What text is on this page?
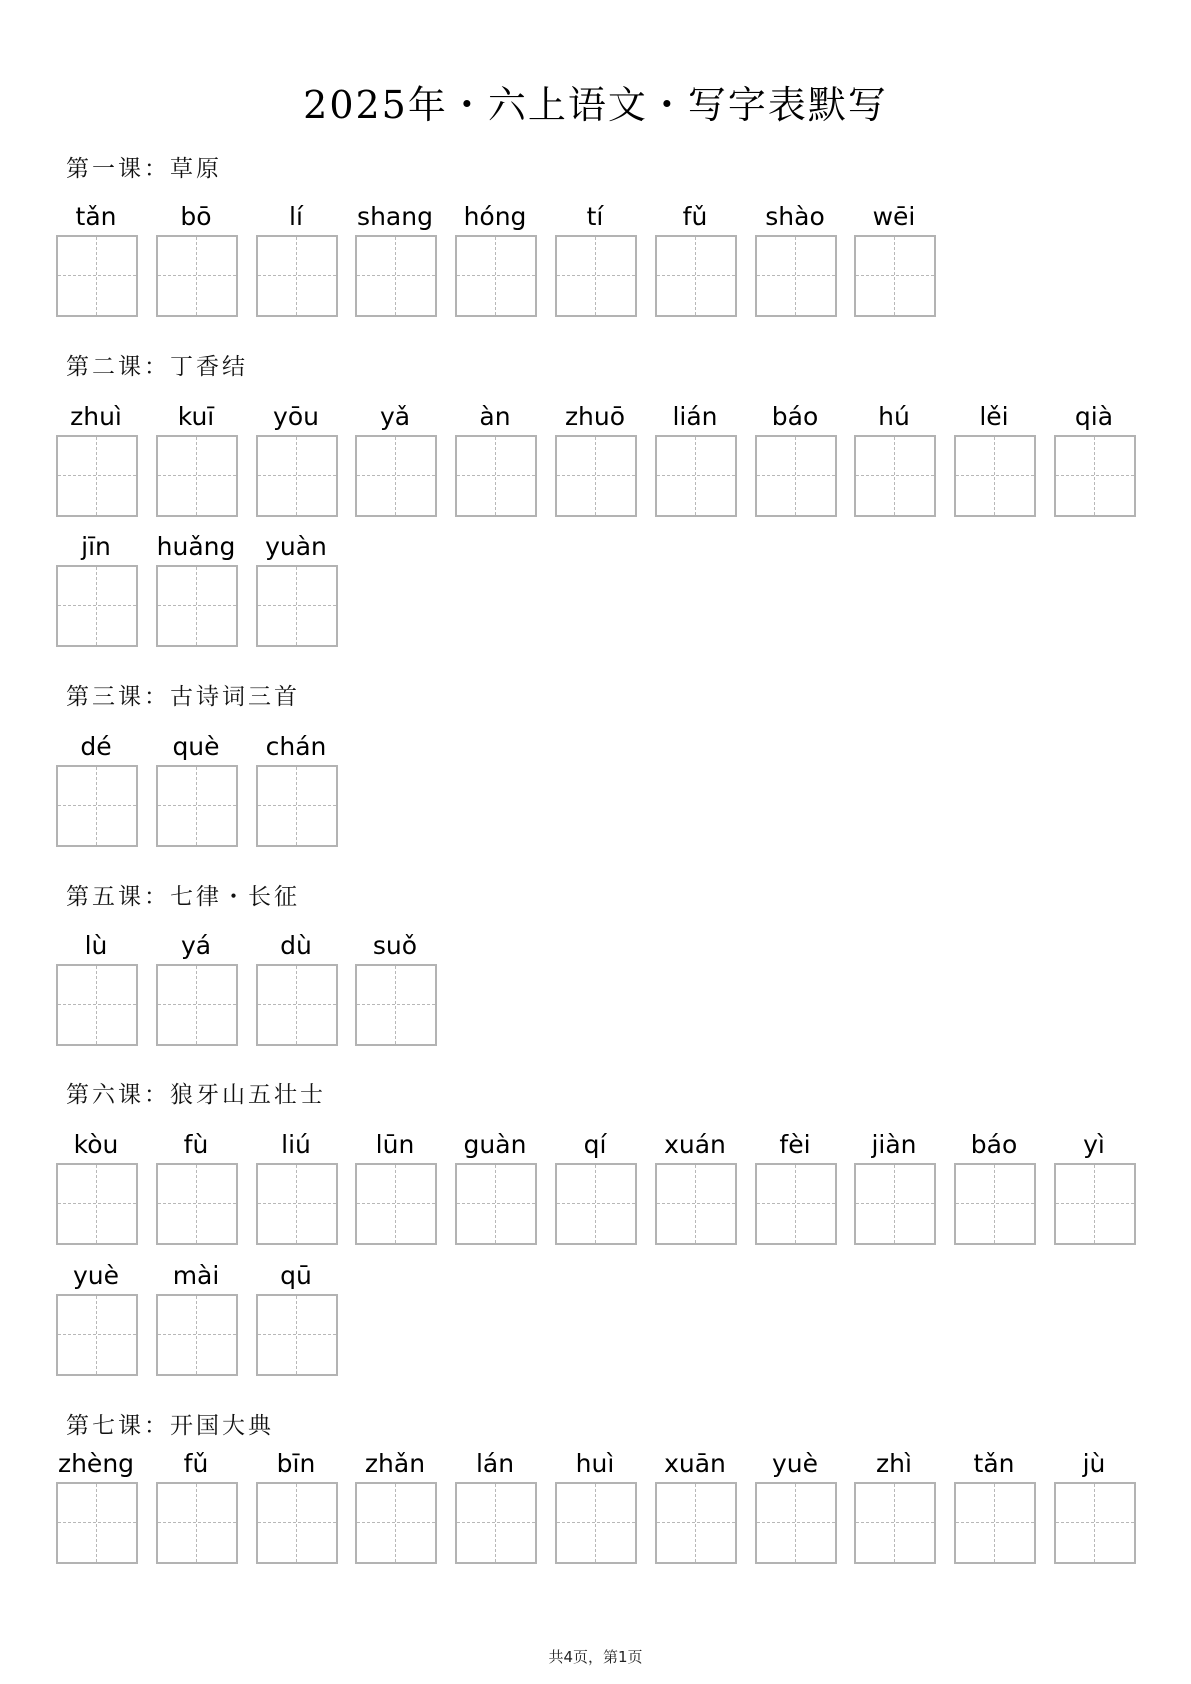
2025年・六上语文・写字表默写
第一课：草原
tǎn	bō	lí	shang	hóng	tí	fǔ	shào	wēi
第二课：丁香结
zhuì	kuī	yōu	yǎ	àn	zhuō	lián	báo	hú	lěi	qià
jīn	huǎng	yuàn
第三课：古诗词三首
dé	què	chán
第五课：七律・长征
lù	yá	dù	suǒ
第六课：狼牙山五壮士
kòu	fù	liú	lūn	guàn	qí	xuán	fèi	jiàn	báo	yì
yuè	mài	qū
第七课：开国大典
zhèng	fǔ	bīn	zhǎn	lán	huì	xuān	yuè	zhì	tǎn	jù
共4页，第1页
